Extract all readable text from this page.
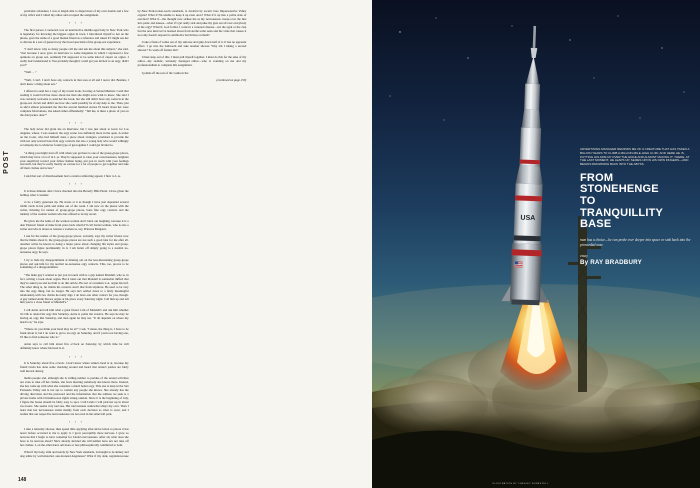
POST
148

particular adventure, I was at length able to dispel most of my own doubts and a few of my wife's and I called my editor and accepted the assignment.

• • •

The first person I contacted was an unattractive middle-aged lady in New York who is legendary for throwing the biggest orgies in town. I introduced myself to her on the phone, gave the name of a good mutual friend as a reference and asked if I might see her to discuss in a sort of general way the broad spectrum of the group-sex experience.

"I don't know why so many people call me and ask me about this subject," she said. "Just because I once gave an interview to some magazine in which I expressed a few opinions on group sex, suddenly I'm supposed to be some kind of expert on orgies. I really don't understand it. You probably thought I could get you invited to an orgy, didn't you?"

"Well . . ."

"Well, I can't. I don't have any contacts in that area at all and I never did. Besides, I don't know a thing about sex."

I offered to send her a copy of my recent book, Scoring: A Sexual Memoir. I said that reading it would tell her more about me than she might even wish to know. She said I was certainly welcome to send her the book, but she still didn't have any contacts in the group-sex circuit and didn't see how she could possibly be of any help to me. Then, just as she'd almost persuaded me that the several hundred stories I'd heard about her were complete fabrications, she asked rather offhandedly: "Tell me, is there a photo of you on the dust jacket, dear?"

• • •

The lady never did grant me an interview, but I was just about to leave for Los Angeles, where, I was assured, the orgy scene was definitely more in the open. A writer on the Coast, who had himself done a piece about swingers, promised to provide me with not only several bona fide orgy contacts but also a young lady who would willingly accompany me to whatever forum type of get-together I could get invited to.

"A thing you might start off with when you get here is one of the group-grope places, which they have a lot of in L.A. They're supposed to raise your consciousness, heighten your sensitivity toward your fellow human being, put you in touch with your feelings and stuff, but they're really mostly an excuse for a lot of people to get together and take off their clothes and screw."

I said that sort of divertissement had a certain comforting appeal. I flew to L.A.

• • •

It is three minutes after I have checked into the Beverly Hills Hotel. I have given the bellhop what I consider

to be a fairly generous tip. He stares at it as though I have just deposited several rabbit curds in his palm and stalks out of the room. I am now on the phone with the writer, thirsting for names of group-grope places, bona fide orgy contacts and the identity of the woman woman who has offered to be my escort.

He gives me the name of the wanton woman and I burst out laughing, because it is a dear Platonic friend of mine from years back whom I'll call Linda Lerman, who is also a writer and who is about as wanton a woman as, say, Princess Margaret.

I ask for the names of the group-grope places. Actually, says my writer friend, now that he thinks about it, the group-grope places are not such a good idea for me after all. Another writer he knows is doing a major piece about changing life styles and group-grope places figure prominently in it. I am better off simply going to a normal no-nonsense orgy, he says.

I try to hide my disappointment at missing out on the less-threatening group-grope places and ask him for my normal no-nonsense orgy contacts. This, too, proves to be something of a disappointment.

"The main guy I wanted to put you in touch with is a guy named Mandell, who is, in fact, writing a book about orgies. But it turns out that Mandell is somewhat miffed that they've asked you and not him to do this article. He sort of considers L.A. orgies his turf. The other thing is, he claims his contacts aren't that fresh anymore. He used to be very into the orgy thing, but no longer. He says he's settled down to a fairly meaningful relationship with two chicks he really digs. I do have one other contact for you, though. A guy named Anile throws orgies at his place every Saturday night. Call him up and tell him you're a close friend of Mandell's."

I call Arnie and tell him what a great friend I am of Mandell's and ask him whether it's OK to attend his orgy this Saturday. Arnie is polite but evasive. He says he may be having an orgy this Saturday, and then again he may not. "It all depends on where my head is at," he says.

"Where do you think your head may be at?" I ask. "I mean, the thing is, I have to be frank about it, but I do want to get to an orgy on Saturday, and if you're not having one, I'd like to find someone who is."

Arnie says to call him about five o'clock on Saturday, by which time he will definitely know where his head is at.

• • •

It is Saturday about five o'clock. I don't know where Arnie's head is at, because my friend Linda has done some checking around and heard that Arnie's parties are fairly well known among

media people and, although she is willing neither to partake of the sexual activities nor even to take off her clothes, she fears meeting somebody she knows there. Instead, she has come up with what she considers a much better orgy. This one is deep in the San Fernando Valley and is not apt to contain any people she knows. She already has the driving directions and the password and the information that the address we seek is a private home with Christmas-tree lights strung outside. Since it is the beginning of July, I figure the house should be fairly easy to spot. I tell Linda I will pick her up in about two hours. She seems very nervous. Her nervousness somewhat allays my own. Then I learn that her nervousness stems mainly from each decision as what to wear, and I realize that our respective nervousnesses are not even in the same ball park.

• • •

I take a leisurely shower, then spend time applying after-shave lotion to places it has never before occurred to me to apply it. I grow perceptibly more nervous. I grow so nervous that I begin to have contempt for Linda's nervousness. After all, what does she have to be nervous about? She's already decided she will neither have sex nor take off her clothes. I, on the other hand, am more or less philosophically committed to both.

What if my body, slim and trendy by New York standards, is thought to be skinny and dog-white by well-muscled, sun-bronzed Angelenos? What if my dark, regulation-issue by-New-York-locker-room standards, is dwarfed by ascetic bare Impersonative Valley organs? What if I'm unable to keep it up even once? What if it up into a polite state of erection? What if—the thought now strikes me as my nervousness creeps over the line into panic and nausea—what if I get really sick and puke my guts out all over everybody at the orgy? What if, God forbid, I contract a venereal disease—not the syph or the clap but the new kind we've learned about from sterile toilet seats and the virus that causes it not only doesn't respond to antibiotics but thrives on them?

I take a flask of vodka out of my suitcase and gulp down half of it. It has no apparent effect. I go into the bathroom and take another shower. Why am I taking a second shower? To wash off former dirt?

I must snap out of this. I must pull myself together. I must do this for the sake of my editor—my sadistic, seriously deranged editor—who is counting on me and my professionalism to complete this assignment.

I polish off the rest of the vodka in the

(continued on page 250)

USA
ADVERTISING MANAGER REMINDS ME OF A CREATURE THAT HAS TAKEN A BILLION YEARS TO CLIMB A MILLION-MILE-HIGH CLIFF. AND HERE HE IS, PUTTING HIS ARM UP OVER THE EDGE AND ALMOST MAKING IT. THERE, AT THE LAST MOMENT, HE LEAPS UP, SEIZES UPON HIS OWN FINGERS—AND BEGINS DROWNING BACK INTO THE ABYSS.
FROM
STONEHENGE
TO
TRANQUILLITY
BASE
man has a choice—he can probe ever deeper into space or sink back into the primordial ooze
essay
By RAY BRADBURY
ILLUSTRATION BY CHESLEY BONESTELL
